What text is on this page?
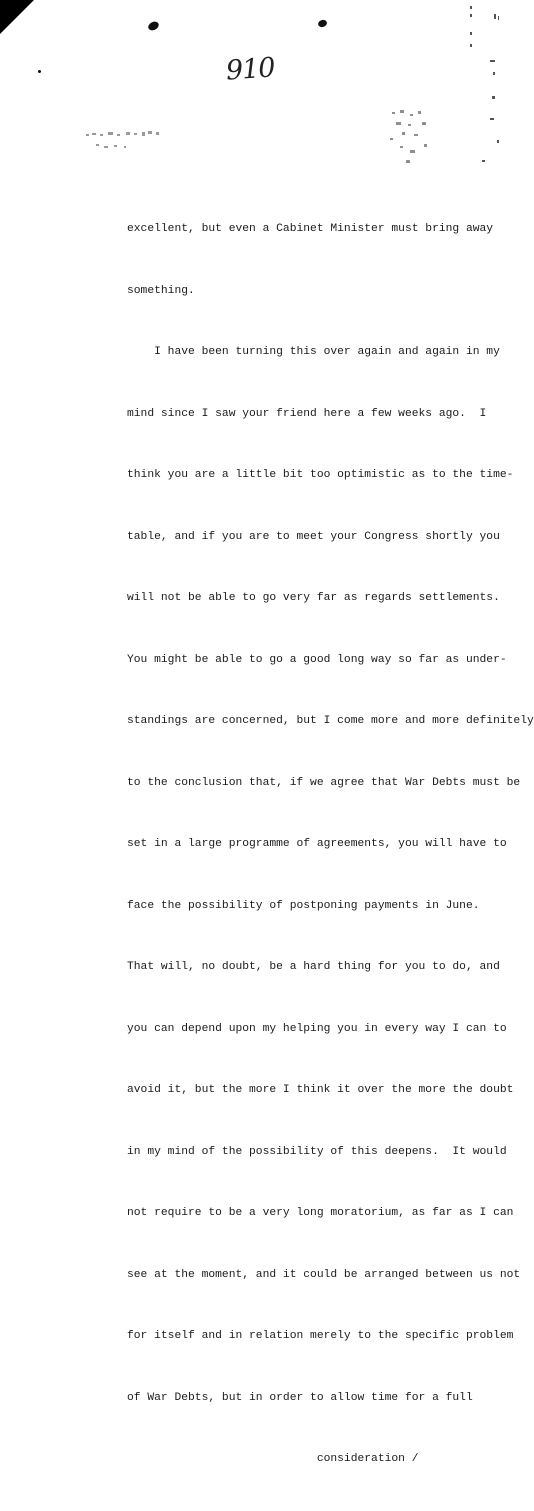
910

excellent, but even a Cabinet Minister must bring away

something.

I have been turning this over again and again in my

mind since I saw your friend here a few weeks ago.  I

think you are a little bit too optimistic as to the time-

table, and if you are to meet your Congress shortly you

will not be able to go very far as regards settlements.

You might be able to go a good long way so far as under-

standings are concerned, but I come more and more definitely

to the conclusion that, if we agree that War Debts must be

set in a large programme of agreements, you will have to

face the possibility of postponing payments in June.

That will, no doubt, be a hard thing for you to do, and

you can depend upon my helping you in every way I can to

avoid it, but the more I think it over the more the doubt

in my mind of the possibility of this deepens.  It would

not require to be a very long moratorium, as far as I can

see at the moment, and it could be arranged between us not

for itself and in relation merely to the specific problem

of War Debts, but in order to allow time for a full

consideration /
